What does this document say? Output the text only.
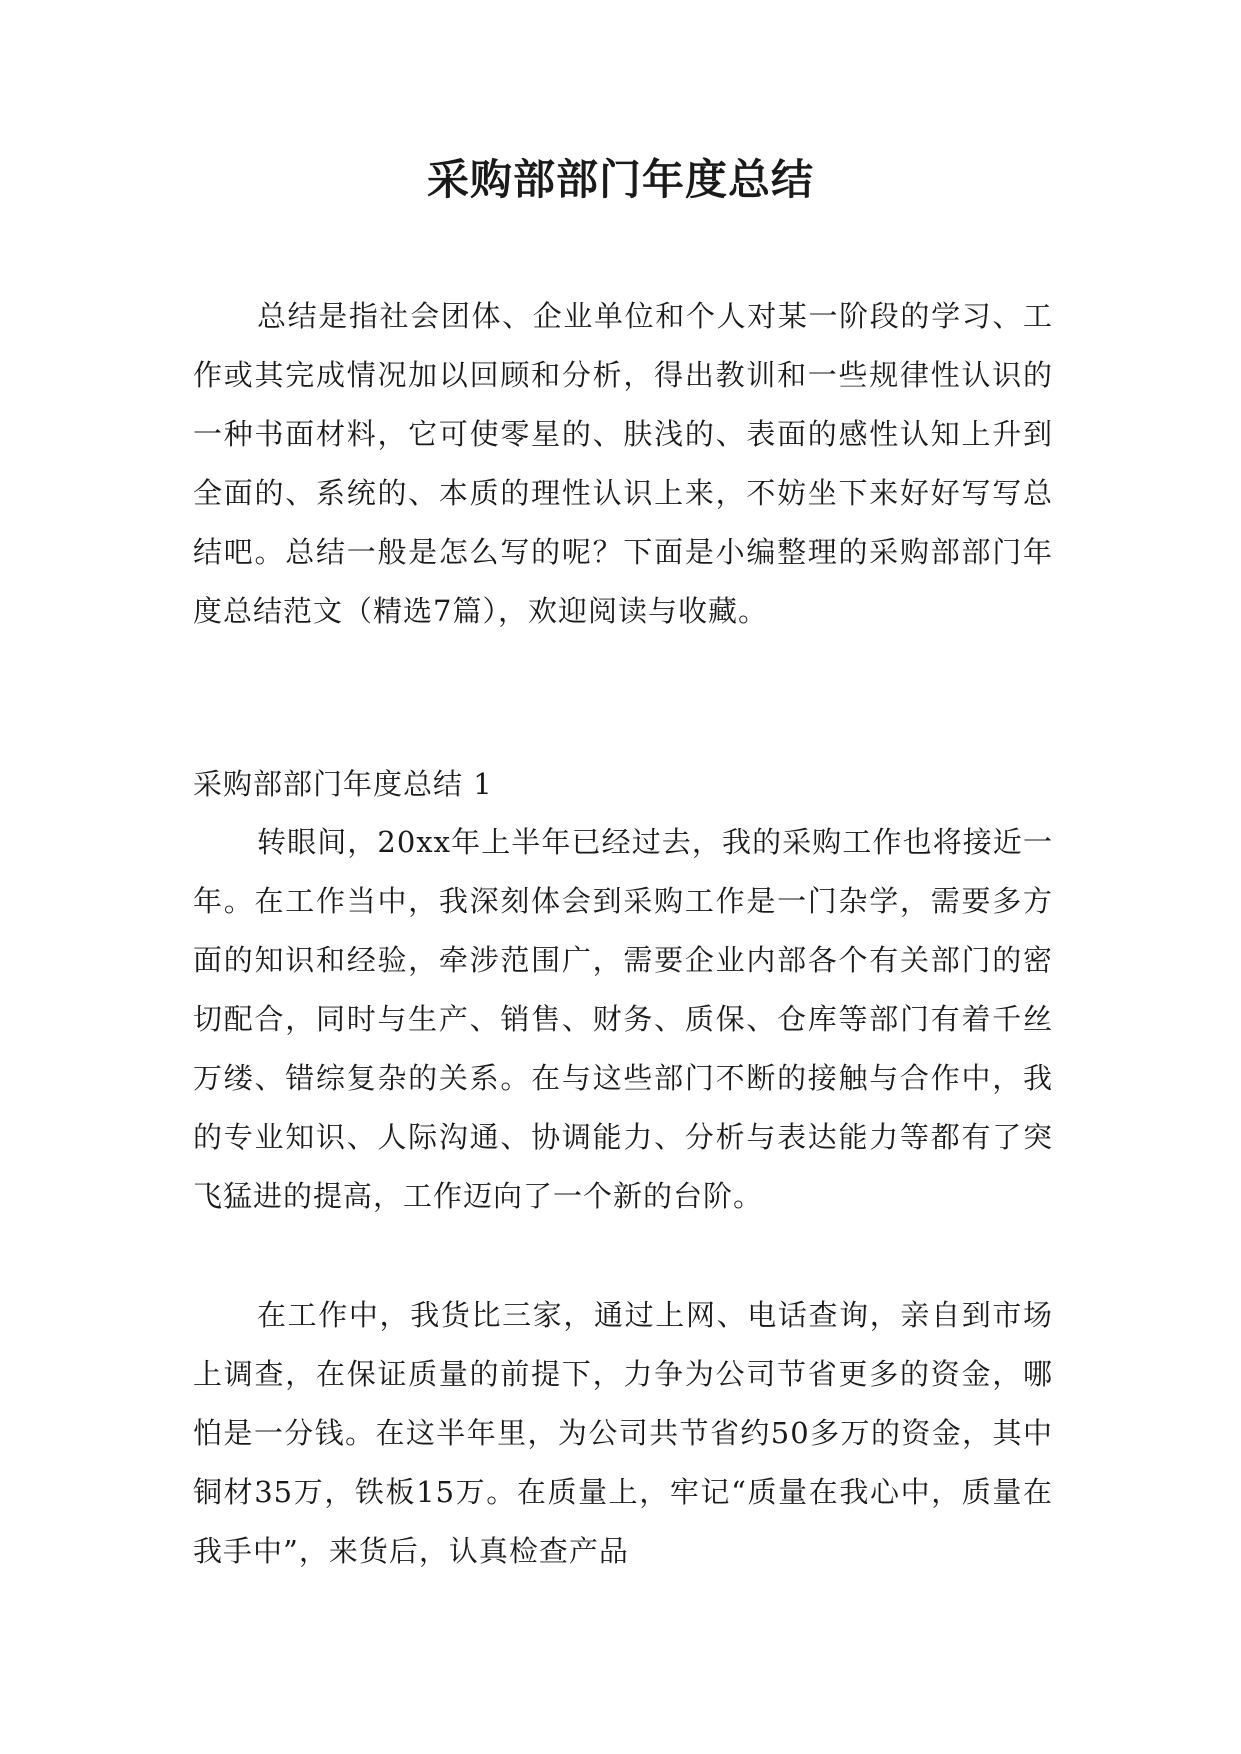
采购部部门年度总结

总结是指社会团体、企业单位和个人对某一阶段的学习、工作或其完成情况加以回顾和分析，得出教训和一些规律性认识的一种书面材料，它可使零星的、肤浅的、表面的感性认知上升到全面的、系统的、本质的理性认识上来，不妨坐下来好好写写总结吧。总结一般是怎么写的呢？下面是小编整理的采购部部门年度总结范文（精选7篇），欢迎阅读与收藏。

采购部部门年度总结 1

转眼间，20xx年上半年已经过去，我的采购工作也将接近一年。在工作当中，我深刻体会到采购工作是一门杂学，需要多方面的知识和经验，牵涉范围广，需要企业内部各个有关部门的密切配合，同时与生产、销售、财务、质保、仓库等部门有着千丝万缕、错综复杂的关系。在与这些部门不断的接触与合作中，我的专业知识、人际沟通、协调能力、分析与表达能力等都有了突飞猛进的提高，工作迈向了一个新的台阶。

在工作中，我货比三家，通过上网、电话查询，亲自到市场上调查，在保证质量的前提下，力争为公司节省更多的资金，哪怕是一分钱。在这半年里，为公司共节省约50多万的资金，其中铜材35万，铁板15万。在质量上，牢记“质量在我心中，质量在我手中”，来货后，认真检查产品
